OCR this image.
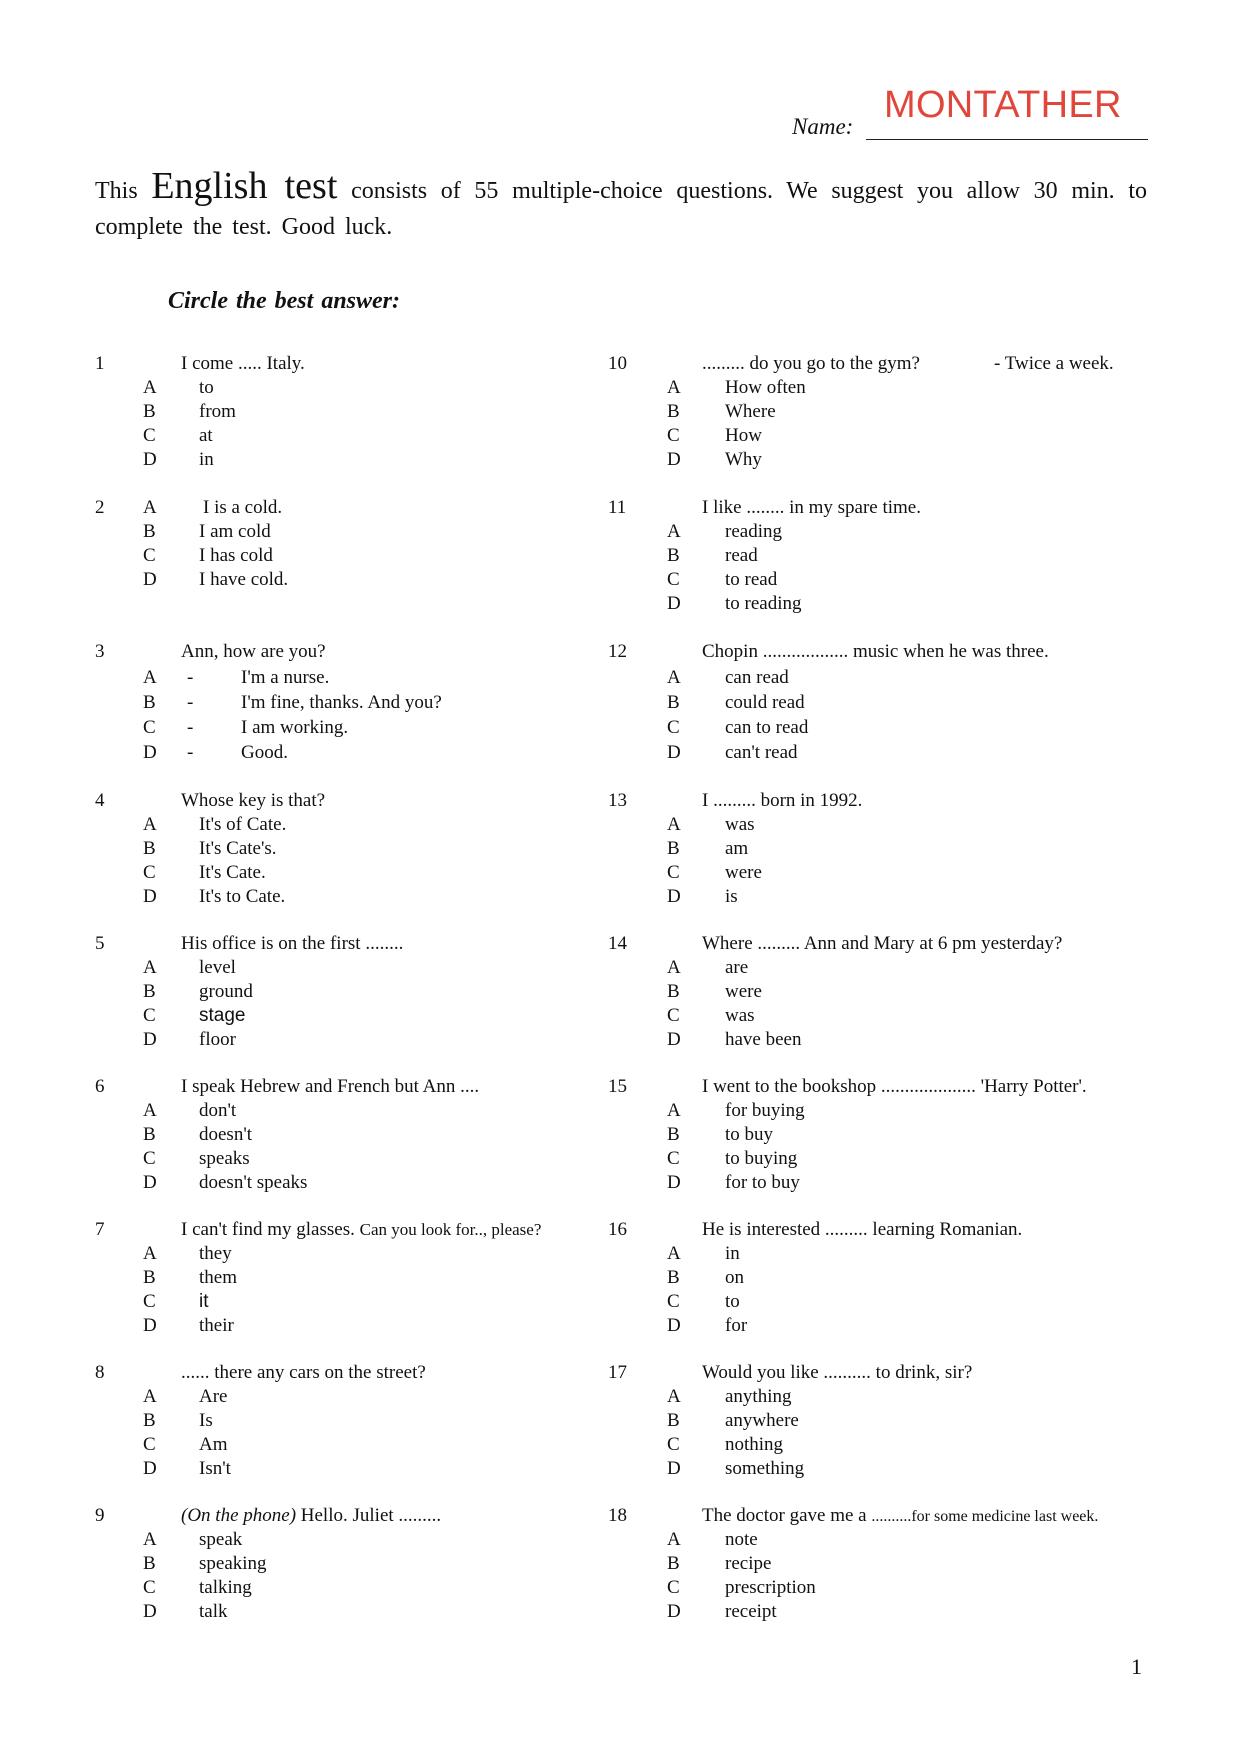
MONTATHER
Name:
This English test consists of 55 multiple-choice questions. We suggest you allow 30 min. to complete the test. Good luck.
Circle the best answer:
1	I come ..... Italy.
A to
B from
C at
D in
2 A I is a cold.
B I am cold
C I has cold
D I have cold.
3	Ann, how are you?
A -	I'm a nurse.
B -	I'm fine, thanks. And you?
C -	I am working.
D -	Good.
4	Whose key is that?
A It's of Cate.
B It's Cate's.
C It's Cate.
D It's to Cate.
5	His office is on the first ........
A level
B ground
C stage
D floor
6	I speak Hebrew and French but Ann ....
A don't
B doesn't
C speaks
D doesn't speaks
7	I can't find my glasses. Can you look for.., please?
A they
B them
C it
D their
8	...... there any cars on the street?
A Are
B Is
C Am
D Isn't
9	(On the phone) Hello. Juliet .........
A speak
B speaking
C talking
D talk
10	......... do you go to the gym?	- Twice a week.
A How often
B Where
C How
D Why
11	I like ........ in my spare time.
A reading
B read
C to read
D to reading
12	Chopin .................. music when he was three.
A can read
B could read
C can to read
D can't read
13	I ......... born in 1992.
A was
B am
C were
D is
14	Where ......... Ann and Mary at 6 pm yesterday?
A are
B were
C was
D have been
15	I went to the bookshop .................... 'Harry Potter'.
A for buying
B to buy
C to buying
D for to buy
16	He is interested ......... learning Romanian.
A in
B on
C to
D for
17	Would you like .......... to drink, sir?
A anything
B anywhere
C nothing
D something
18	The doctor gave me a ..........for some medicine last week.
A note
B recipe
C prescription
D receipt
1
